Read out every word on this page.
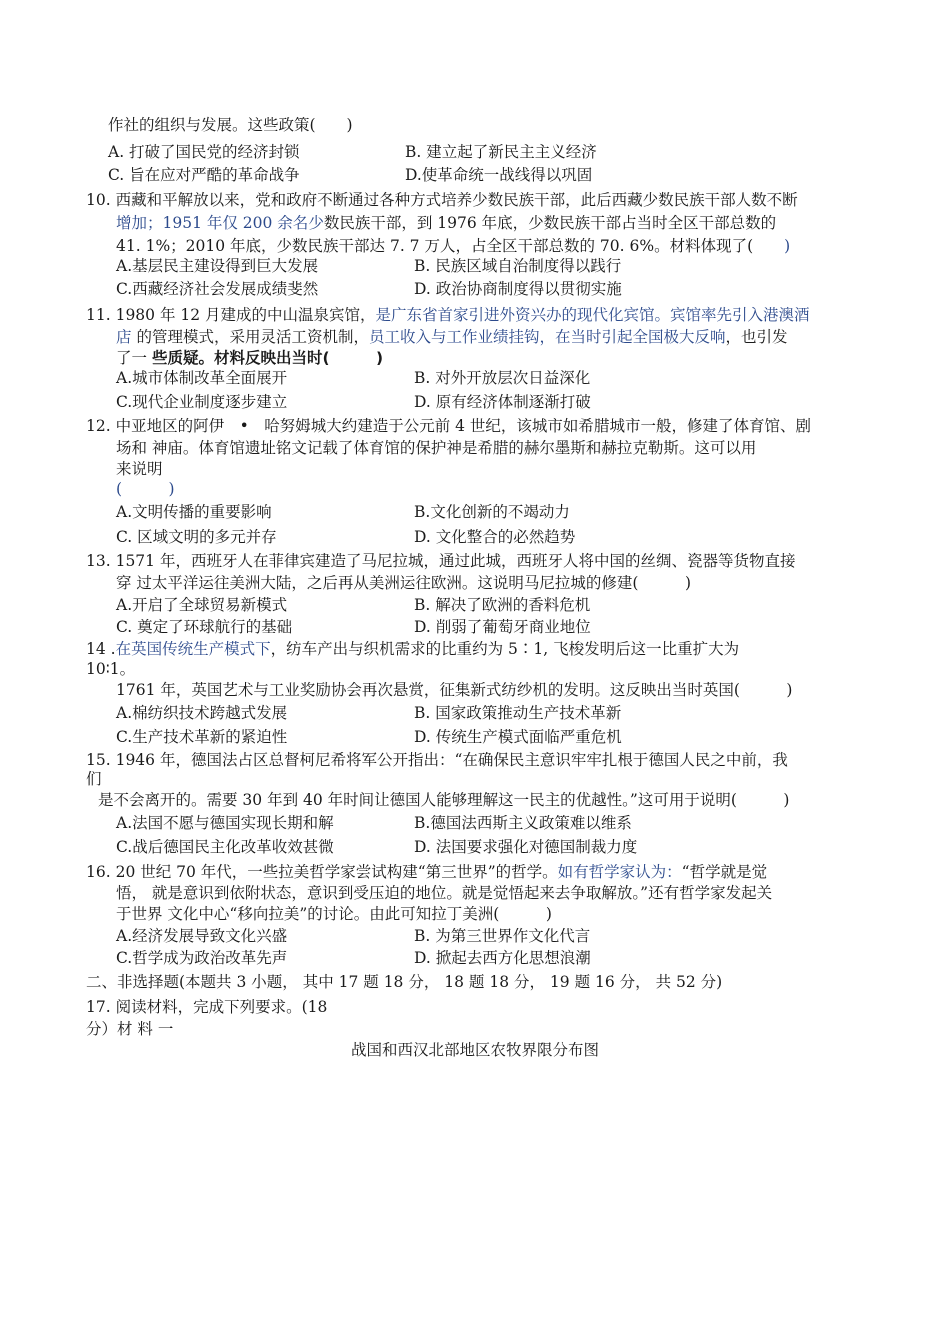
作社的组织与发展。这些政策(　　)
A. 打破了国民党的经济封锁	B. 建立起了新民主主义经济
C. 旨在应对严酷的革命战争	D.使革命统一战线得以巩固
10. 西藏和平解放以来，党和政府不断通过各种方式培养少数民族干部，此后西藏少数民族干部人数不断
增加；1951 年仅 200 余名少数民族干部，到 1976 年底，少数民族干部占当时全区干部总数的
41. 1%；2010 年底，少数民族干部达 7. 7 万人，占全区干部总数的 70. 6%。材料体现了(　　)
A.基层民主建设得到巨大发展	B. 民族区域自治制度得以践行
C.西藏经济社会发展成绩斐然	D. 政治协商制度得以贯彻实施
11. 1980 年 12 月建成的中山温泉宾馆，是广东省首家引进外资兴办的现代化宾馆。宾馆率先引入港澳酒
店 的管理模式，采用灵活工资机制，员工收入与工作业绩挂钩，在当时引起全国极大反响，也引发
了一 些质疑。材料反映出当时(　　　)
A.城市体制改革全面展开	B. 对外开放层次日益深化
C.现代企业制度逐步建立	D. 原有经济体制逐渐打破
12. 中亚地区的阿伊　•　哈努姆城大约建造于公元前 4 世纪，该城市如希腊城市一般，修建了体育馆、剧
场和 神庙。体育馆遗址铭文记载了体育馆的保护神是希腊的赫尔墨斯和赫拉克勒斯。这可以用
来说明
(　　　)
A.文明传播的重要影响	B.文化创新的不竭动力
C. 区域文明的多元并存	D. 文化整合的必然趋势
13. 1571 年，西班牙人在菲律宾建造了马尼拉城，通过此城，西班牙人将中国的丝绸、瓷器等货物直接
穿 过太平洋运往美洲大陆，之后再从美洲运往欧洲。这说明马尼拉城的修建(　　　)
A.开启了全球贸易新模式	B. 解决了欧洲的香料危机
C. 奠定了环球航行的基础	D. 削弱了葡萄牙商业地位
14 .在英国传统生产模式下，纺车产出与织机需求的比重约为 5∶1, 飞梭发明后这一比重扩大为
10∶1。
1761 年，英国艺术与工业奖励协会再次悬赏，征集新式纺纱机的发明。这反映出当时英国(　　　)
A.棉纺织技术跨越式发展	B. 国家政策推动生产技术革新
C.生产技术革新的紧迫性	D. 传统生产模式面临严重危机
15. 1946 年，德国法占区总督柯尼希将军公开指出：“在确保民主意识牢牢扎根于德国人民之中前，我
们
是不会离开的。需要 30 年到 40 年时间让德国人能够理解这一民主的优越性。”这可用于说明(　　　)
A.法国不愿与德国实现长期和解	B.德国法西斯主义政策难以维系
C.战后德国民主化改革收效甚微	D. 法国要求强化对德国制裁力度
16. 20 世纪 70 年代，一些拉美哲学家尝试构建“第三世界”的哲学。如有哲学家认为：“哲学就是觉
悟， 就是意识到依附状态，意识到受压迫的地位。就是觉悟起来去争取解放。”还有哲学家发起关
于世界 文化中心“移向拉美”的讨论。由此可知拉丁美洲(　　　)
A.经济发展导致文化兴盛	B. 为第三世界作文化代言
C.哲学成为政治改革先声	D. 掀起去西方化思想浪潮
二、非选择题(本题共 3 小题， 其中 17 题 18 分， 18 题 18 分， 19 题 16 分， 共 52 分)
17. 阅读材料，完成下列要求。(18
分）材 料 一
战国和西汉北部地区农牧界限分布图
